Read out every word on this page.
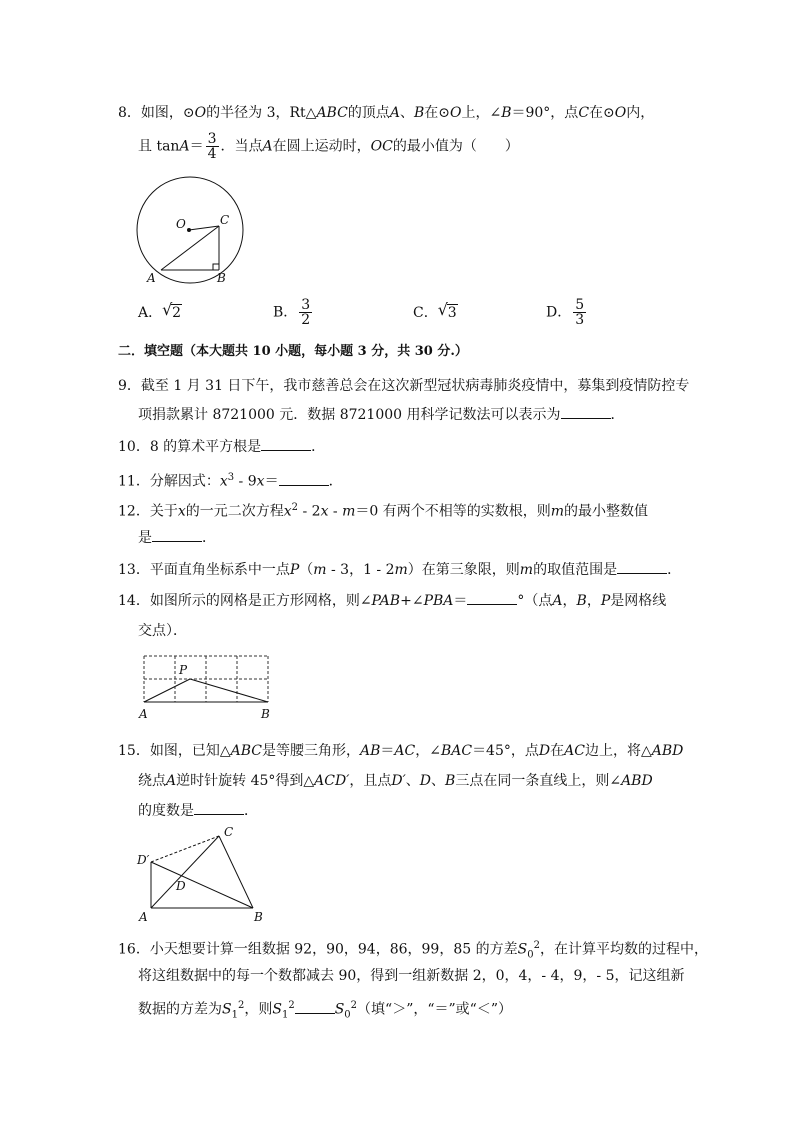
8．如图，⊙O的半径为 3，Rt△ABC的顶点A、B在⊙O上，∠B＝90°，点C在⊙O内，
且 $\tan A= \frac{3}{4}$ ．当点A在圆上运动时，OC的最小值为（　　）
O	C
A	B
A． √ 2	B． $\frac{3}{2}$	C． √ 3	D． $\frac{5}{3}$
二．填空题（本大题共 10 小题，每小题 3 分，共 30 分.）
9．截至 1 月 31 日下午，我市慈善总会在这次新型冠状病毒肺炎疫情中，募集到疫情防控专
项捐款累计 8721000 元．数据 8721000 用科学记数法可以表示为	．
10．8 的算术平方根是	．
11．分解因式：$x^3 - 9x=$	．
12．关于x的一元二次方程$x^2 - 2x - m=0$ 有两个不相等的实数根，则m的最小整数值
是	．
13．平面直角坐标系中一点P（m - 3，1 - 2m）在第三象限，则m的取值范围是	．
14．如图所示的网格是正方形网格，则∠PAB+∠PBA＝	°（点A，B，P是网格线
交点）．
P
A	B
15．如图，已知△ABC是等腰三角形，AB＝AC，∠BAC＝45°，点D在AC边上，将△ABD
绕点A逆时针旋转 45°得到△ACD′，且点D′、D、B三点在同一条直线上，则∠ABD
的度数是	．
C
D′
D
A	B
16．小天想要计算一组数据 92，90，94，86，99，85 的方差$S_0^2$，在计算平均数的过程中，
将这组数据中的每一个数都减去 90，得到一组新数据 2，0，4，- 4，9，- 5，记这组新
数据的方差为$S_1^2$，则$S_1^2$	$S_0^2$（填“＞”，“＝”或“＜”）
